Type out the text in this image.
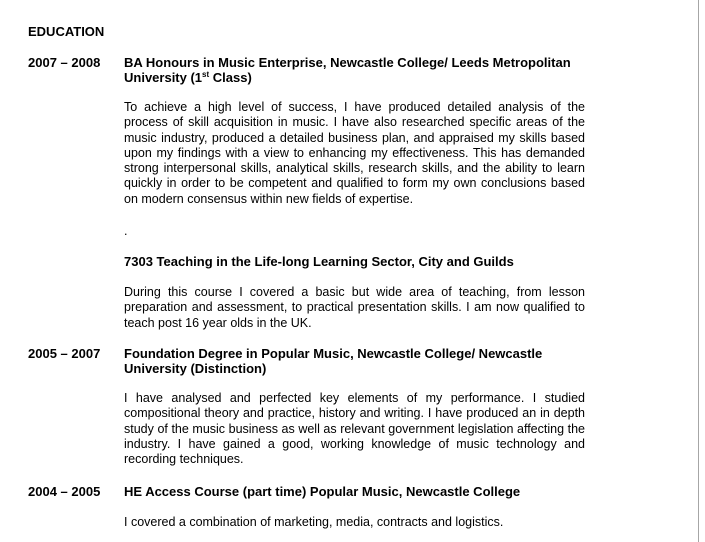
EDUCATION
2007 – 2008 BA Honours in Music Enterprise, Newcastle College/ Leeds Metropolitan University (1st Class)
To achieve a high level of success, I have produced detailed analysis of the process of skill acquisition in music. I have also researched specific areas of the music industry, produced a detailed business plan, and appraised my skills based upon my findings with a view to enhancing my effectiveness. This has demanded strong interpersonal skills, analytical skills, research skills, and the ability to learn quickly in order to be competent and qualified to form my own conclusions based on modern consensus within new fields of expertise.
.
7303 Teaching in the Life-long Learning Sector, City and Guilds
During this course I covered a basic but wide area of teaching, from lesson preparation and assessment, to practical presentation skills. I am now qualified to teach post 16 year olds in the UK.
2005 – 2007 Foundation Degree in Popular Music, Newcastle College/ Newcastle University (Distinction)
I have analysed and perfected key elements of my performance. I studied compositional theory and practice, history and writing. I have produced an in depth study of the music business as well as relevant government legislation affecting the industry. I have gained a good, working knowledge of music technology and recording techniques.
2004 – 2005 HE Access Course (part time) Popular Music, Newcastle College
I covered a combination of marketing, media, contracts and logistics.
